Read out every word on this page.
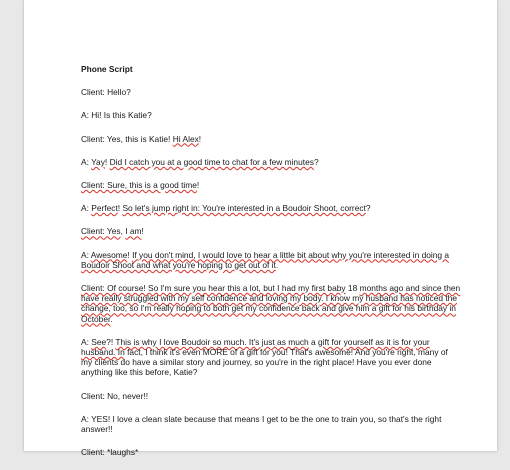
Phone Script
Client: Hello?
A: Hi! Is this Katie?
Client: Yes, this is Katie! Hi Alex!
A: Yay! Did I catch you at a good time to chat for a few minutes?
Client: Sure, this is a good time!
A: Perfect! So let's jump right in: You're interested in a Boudoir Shoot, correct?
Client: Yes, I am!
A: Awesome! If you don't mind, I would love to hear a little bit about why you're interested in doing a Boudoir Shoot and what you're hoping to get out of it.
Client: Of course! So I'm sure you hear this a lot, but I had my first baby 18 months ago and since then have really struggled with my self confidence and loving my body. I know my husband has noticed the change, too, so I'm really hoping to both get my confidence back and give him a gift for his birthday in October.
A: See?! This is why I love Boudoir so much. It's just as much a gift for yourself as it is for your husband. In fact, I think it's even MORE of a gift for you! That's awesome! And you're right, many of my clients do have a similar story and journey, so you're in the right place! Have you ever done anything like this before, Katie?
Client: No, never!!
A: YES! I love a clean slate because that means I get to be the one to train you, so that's the right answer!!
Client: *laughs*
